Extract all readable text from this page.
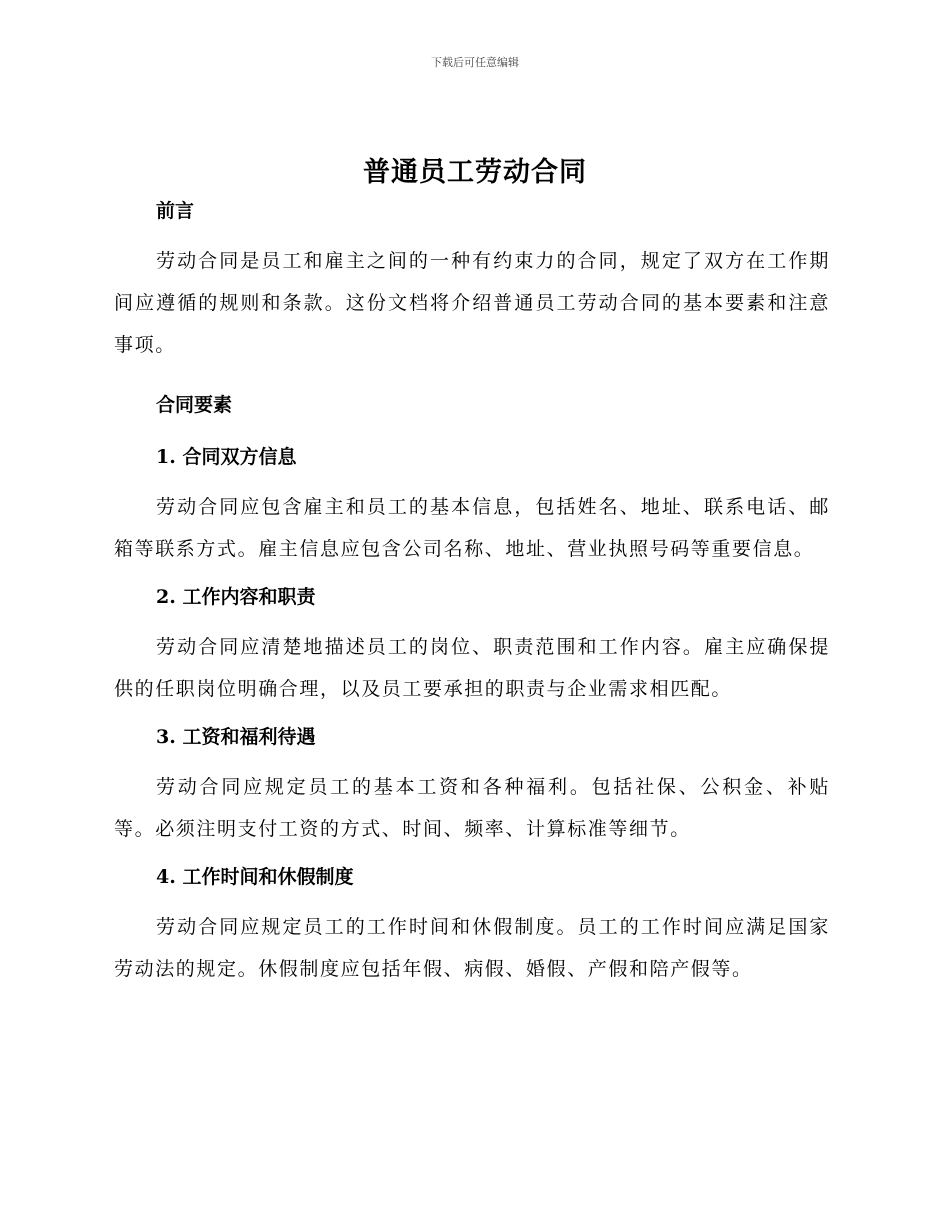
下载后可任意编辑
普通员工劳动合同

前言

劳动合同是员工和雇主之间的一种有约束力的合同，规定了双方在工作期间应遵循的规则和条款。这份文档将介绍普通员工劳动合同的基本要素和注意事项。

合同要素

1. 合同双方信息

劳动合同应包含雇主和员工的基本信息，包括姓名、地址、联系电话、邮箱等联系方式。雇主信息应包含公司名称、地址、营业执照号码等重要信息。

2. 工作内容和职责

劳动合同应清楚地描述员工的岗位、职责范围和工作内容。雇主应确保提供的任职岗位明确合理，以及员工要承担的职责与企业需求相匹配。

3. 工资和福利待遇

劳动合同应规定员工的基本工资和各种福利。包括社保、公积金、补贴等。必须注明支付工资的方式、时间、频率、计算标准等细节。

4. 工作时间和休假制度

劳动合同应规定员工的工作时间和休假制度。员工的工作时间应满足国家劳动法的规定。休假制度应包括年假、病假、婚假、产假和陪产假等。
